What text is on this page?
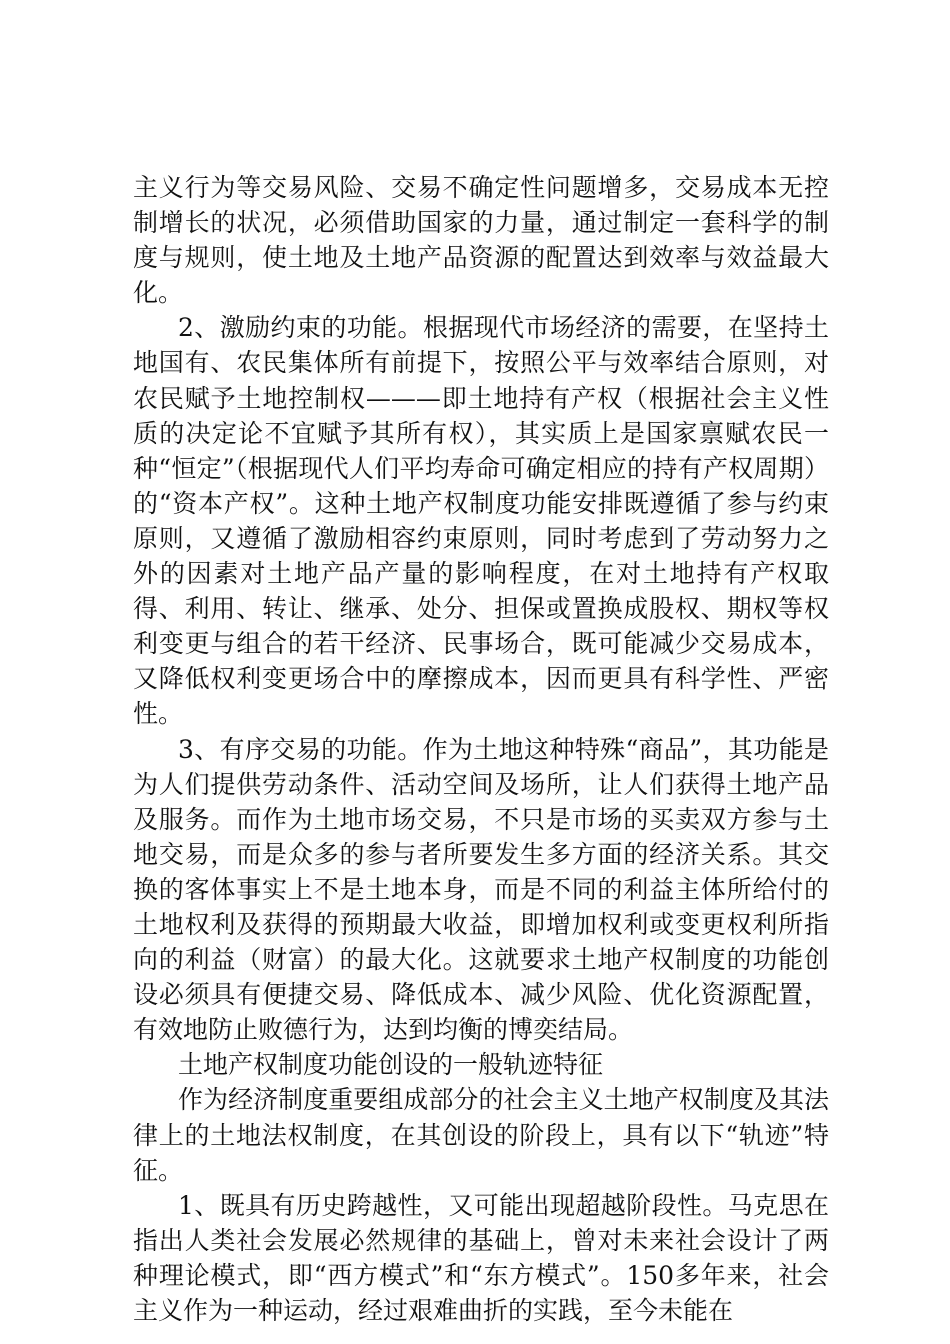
主义行为等交易风险、交易不确定性问题增多，交易成本无控制增长的状况，必须借助国家的力量，通过制定一套科学的制度与规则，使土地及土地产品资源的配置达到效率与效益最大化。

2、激励约束的功能。根据现代市场经济的需要，在坚持土地国有、农民集体所有前提下，按照公平与效率结合原则，对农民赋予土地控制权———即土地持有产权（根据社会主义性质的决定论不宜赋予其所有权），其实质上是国家禀赋农民一种“恒定”（根据现代人们平均寿命可确定相应的持有产权周期）的“资本产权”。这种土地产权制度功能安排既遵循了参与约束原则，又遵循了激励相容约束原则，同时考虑到了劳动努力之外的因素对土地产品产量的影响程度，在对土地持有产权取得、利用、转让、继承、处分、担保或置换成股权、期权等权利变更与组合的若干经济、民事场合，既可能减少交易成本，又降低权利变更场合中的摩擦成本，因而更具有科学性、严密性。

3、有序交易的功能。作为土地这种特殊“商品”，其功能是为人们提供劳动条件、活动空间及场所，让人们获得土地产品及服务。而作为土地市场交易，不只是市场的买卖双方参与土地交易，而是众多的参与者所要发生多方面的经济关系。其交换的客体事实上不是土地本身，而是不同的利益主体所给付的土地权利及获得的预期最大收益，即增加权利或变更权利所指向的利益（财富）的最大化。这就要求土地产权制度的功能创设必须具有便捷交易、降低成本、减少风险、优化资源配置，有效地防止败德行为，达到均衡的博奕结局。

土地产权制度功能创设的一般轨迹特征

作为经济制度重要组成部分的社会主义土地产权制度及其法律上的土地法权制度，在其创设的阶段上，具有以下“轨迹”特征。

1、既具有历史跨越性，又可能出现超越阶段性。马克思在指出人类社会发展必然规律的基础上，曾对未来社会设计了两种理论模式，即“西方模式”和“东方模式”。150多年来，社会主义作为一种运动，经过艰难曲折的实践，至今未能在
